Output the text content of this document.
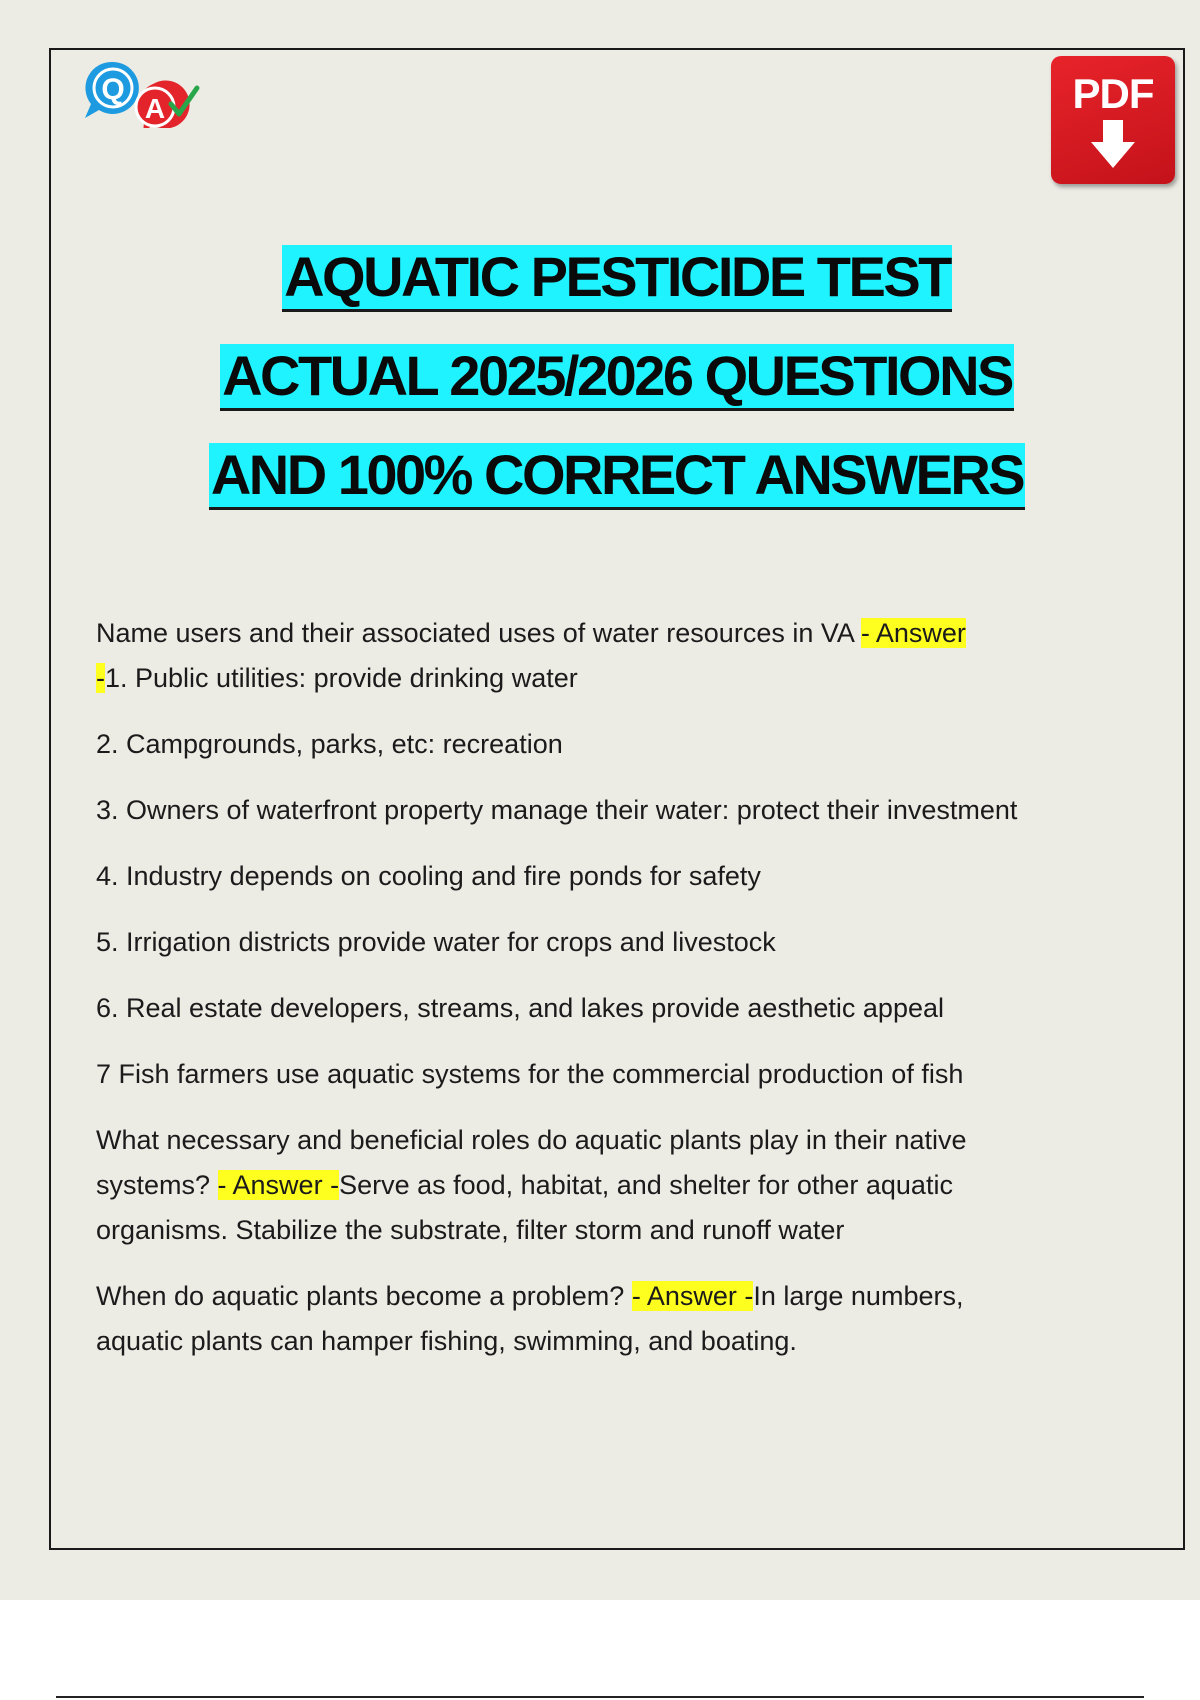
Q
A	PDF
AQUATIC PESTICIDE TEST
ACTUAL 2025/2026 QUESTIONS
AND 100% CORRECT ANSWERS

Name users and their associated uses of water resources in VA - Answer
-1. Public utilities: provide drinking water

2. Campgrounds, parks, etc: recreation

3. Owners of waterfront property manage their water: protect their investment

4. Industry depends on cooling and fire ponds for safety

5. Irrigation districts provide water for crops and livestock

6. Real estate developers, streams, and lakes provide aesthetic appeal

7 Fish farmers use aquatic systems for the commercial production of fish

What necessary and beneficial roles do aquatic plants play in their native systems? - Answer -Serve as food, habitat, and shelter for other aquatic organisms. Stabilize the substrate, filter storm and runoff water

When do aquatic plants become a problem? - Answer -In large numbers, aquatic plants can hamper fishing, swimming, and boating.
